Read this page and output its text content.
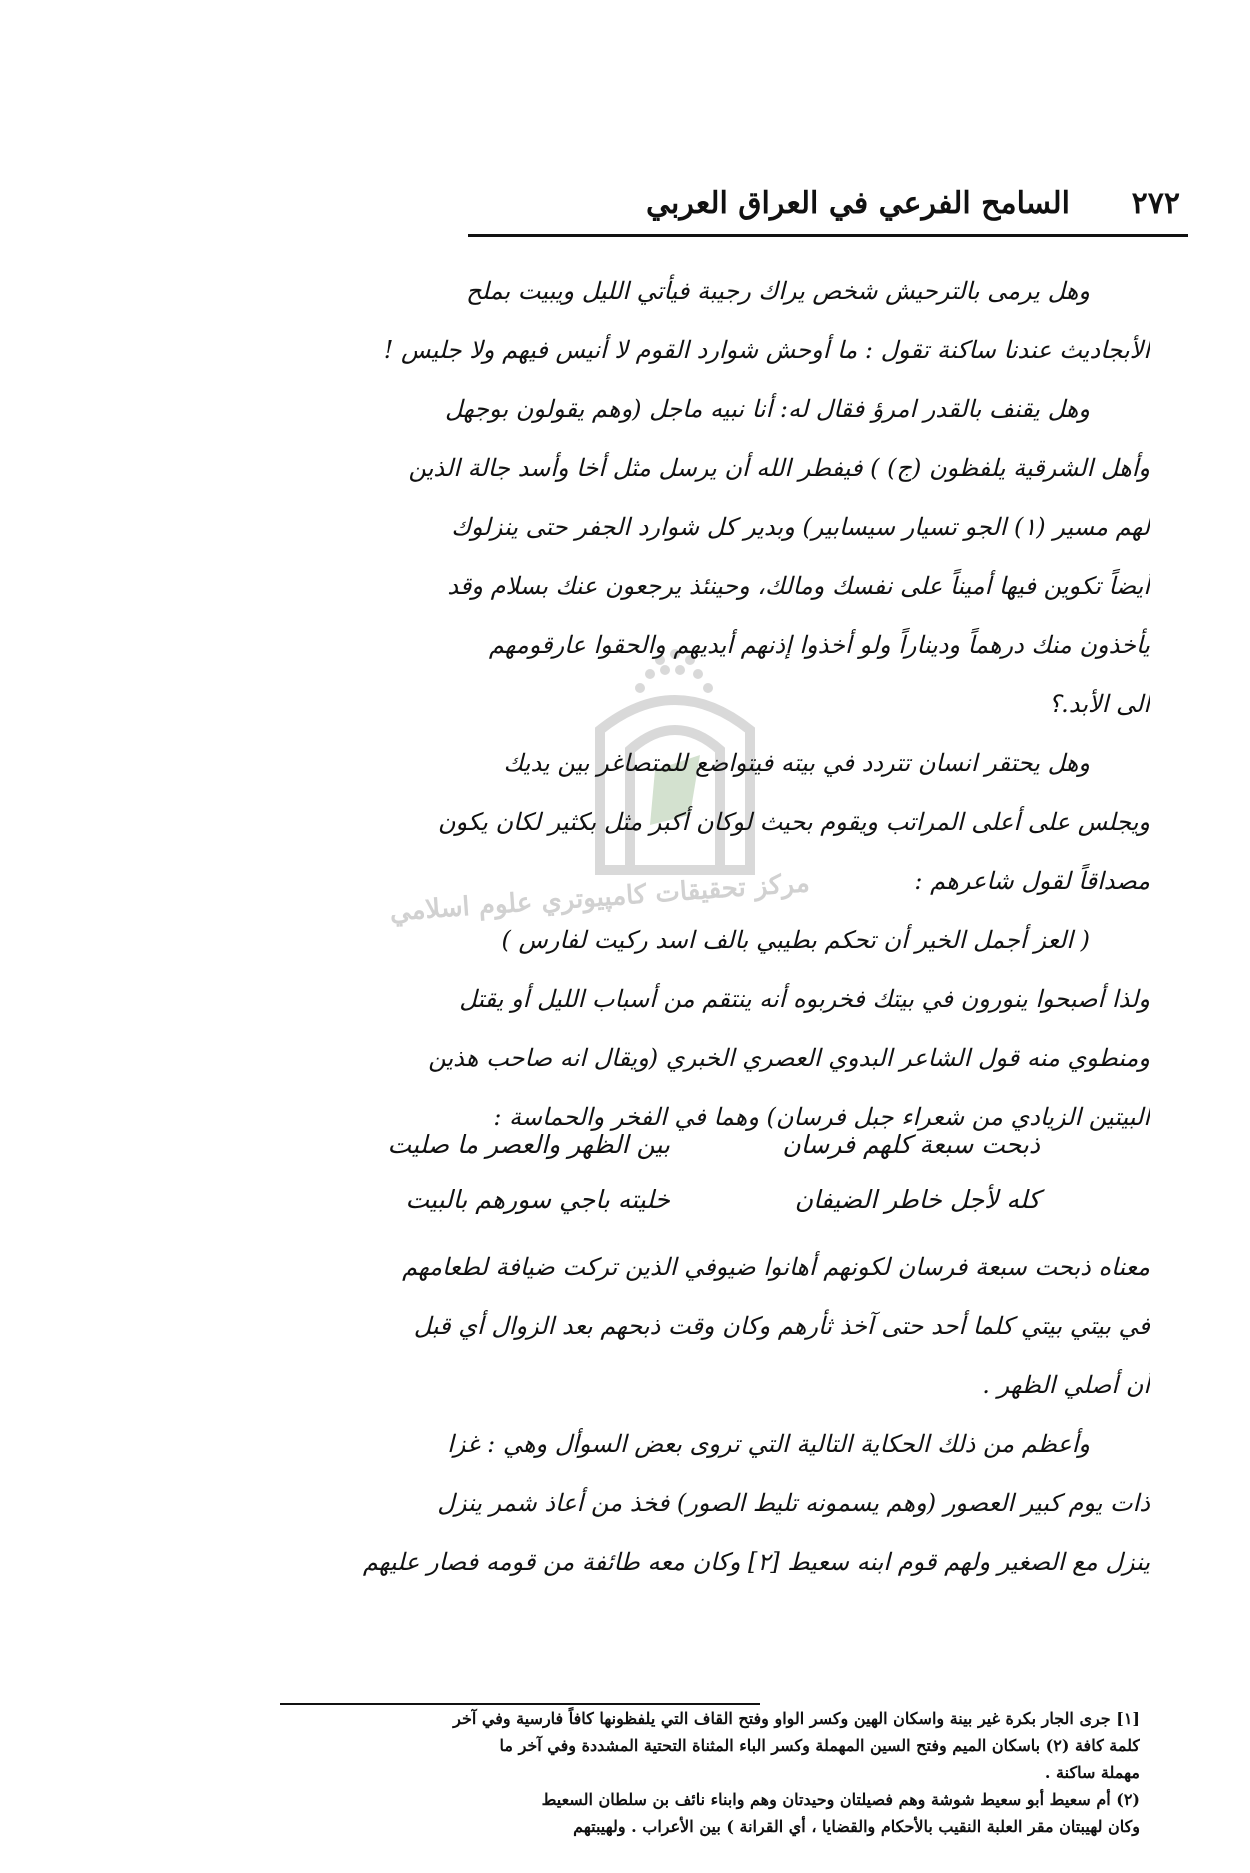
٢٧٢
السامح الفرعي في العراق العربي
مركز تحقيقات كامپيوتري علوم اسلامي
وهل يرمى بالترحيش شخص يراك رجيبة فيأتي الليل ويبيت بملح
الأبجاديث عندنا ساكنة تقول : ما أوحش شوارد القوم لا أنيس فيهم ولا جليس !
وهل يقنف بالقدر امرؤ فقال له: أنا نبيه ماجل (وهم يقولون بوجهل
وأهل الشرقية يلفظون (ج) ) فيفطر الله أن يرسل مثل أخا وأسد جالة الذين
لهم مسير (١) الجو تسيار سيسابير) وبدير كل شوارد الجفر حتى ينزلوك
أيضاً تكوين فيها أميناً على نفسك ومالك، وحينئذ يرجعون عنك بسلام وقد
يأخذون منك درهماً وديناراً ولو أخذوا إذنهم أيديهم والحقوا عارقومهم
الى الأبد.؟
وهل يحتقر انسان تتردد في بيته فيتواضع للمتصاغر بين يديك
ويجلس على أعلى المراتب ويقوم بحيث لوكان أكبر مثل بكثير لكان يكون
مصداقاً لقول شاعرهم :
( العز أجمل الخير أن تحكم بطيبي بالف اسد ركيت لفارس )
ولذا أصبحوا ينورون في بيتك فخربوه أنه ينتقم من أسباب الليل أو يقتل
ومنطوي منه قول الشاعر البدوي العصري الخبري (ويقال انه صاحب هذين
البيتين الزيادي من شعراء جبل فرسان) وهما في الفخر والحماسة :
ذبحت سبعة كلهم فرسان
بين الظهر والعصر ما صليت
كله لأجل خاطر الضيفان
خليته باجي سورهم بالبيت
معناه ذبحت سبعة فرسان لكونهم أهانوا ضيوفي الذين تركت ضيافة لطعامهم
في بيتي بيتي كلما أحد حتى آخذ ثأرهم وكان وقت ذبحهم بعد الزوال أي قبل
أن أصلي الظهر .
وأعظم من ذلك الحكاية التالية التي تروى بعض السوأل وهي : غزا
ذات يوم كبير العصور (وهم يسمونه تليط الصور) فخذ من أعاذ شمر ينزل
ينزل مع الصغير ولهم قوم ابنه سعيط [٢] وكان معه طائفة من قومه فصار عليهم
[١] جرى الجار بكرة غير بينة واسكان الهين وكسر الواو وفتح القاف التي يلفظونها كافاً فارسية وفي آخر
كلمة كافة (٢) باسكان الميم وفتح السين المهملة وكسر الباء المثناة التحتية المشددة وفي آخر ما
مهملة ساكنة .
(٢) أم سعيط أبو سعيط شوشة وهم فصيلتان وحيدتان وهم وابناء نائف بن سلطان السعيط
وكان لهيبتان مقر العلبة النقيب بالأحكام والقضايا ، أي القرانة ) بين الأعراب . ولهيبتهم
